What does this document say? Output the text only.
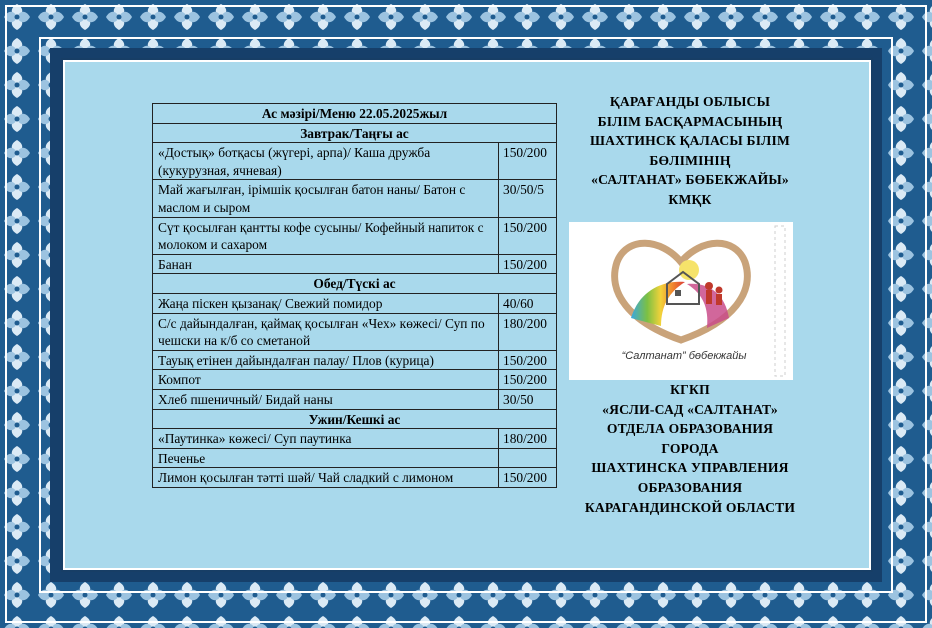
Ас мәзірі/Меню 22.05.2025жыл	
Завтрак/Таңғы ас	
«Достық» ботқасы (жүгері, арпа)/ Каша дружба (кукурузная, ячневая)	150/200
Май жағылған, ірімшік қосылған батон наны/ Батон с маслом и сыром	30/50/5
Сүт қосылған қантты кофе сусыны/ Кофейный напиток с молоком и сахаром	150/200
Банан	150/200
Обед/Түскі ас	
Жаңа піскен қызанақ/ Свежий помидор	40/60
С/с дайындалған, қаймақ қосылған «Чех» көжесі/ Суп по чешски на к/б со сметаной	180/200
Тауық етінен дайындалған палау/ Плов (курица)	150/200
Компот	150/200
Хлеб пшеничный/ Бидай наны	30/50
Ужин/Кешкі ас	
«Паутинка» көжесі/ Суп паутинка	180/200
Печенье	
Лимон қосылған тәтті шәй/ Чай сладкий с лимоном	150/200
ҚАРАҒАНДЫ ОБЛЫСЫ
БІЛІМ БАСҚАРМАСЫНЫҢ
ШАХТИНСК ҚАЛАСЫ БІЛІМ
БӨЛІМІНІҢ
«САЛТАНАТ» БӨБЕКЖАЙЫ»
КМҚК
“Салтанат” бөбекжайы
КГКП
«ЯСЛИ-САД «САЛТАНАТ»
ОТДЕЛА ОБРАЗОВАНИЯ
ГОРОДА
ШАХТИНСКА УПРАВЛЕНИЯ
ОБРАЗОВАНИЯ
КАРАГАНДИНСКОЙ ОБЛАСТИ
